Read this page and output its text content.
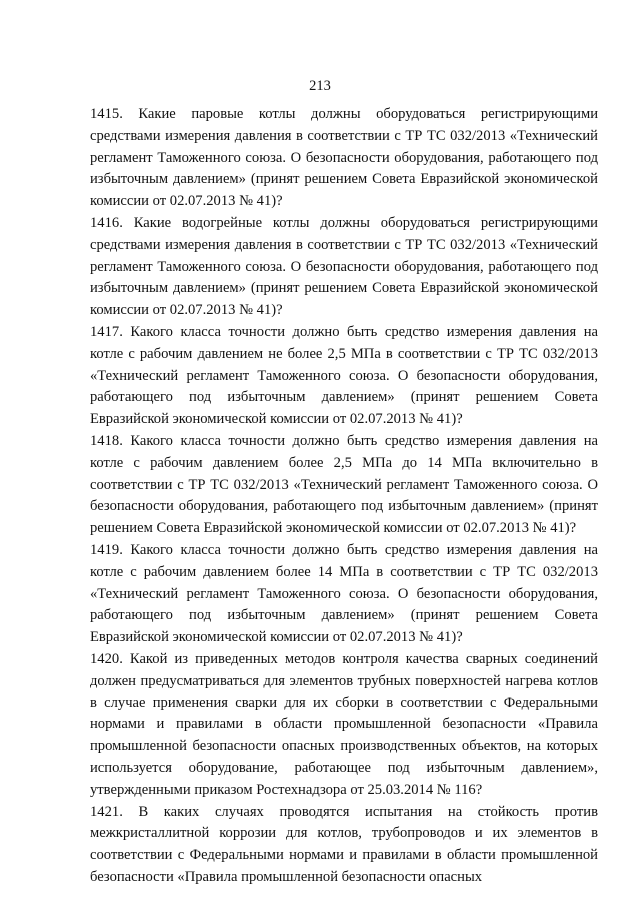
213

1415. Какие паровые котлы должны оборудоваться регистрирующими средствами измерения давления в соответствии с ТР ТС 032/2013 «Технический регламент Таможенного союза. О безопасности оборудования, работающего под избыточным давлением» (принят решением Совета Евразийской экономической комиссии от 02.07.2013 № 41)?

1416. Какие водогрейные котлы должны оборудоваться регистрирующими средствами измерения давления в соответствии с ТР ТС 032/2013 «Технический регламент Таможенного союза. О безопасности оборудования, работающего под избыточным давлением» (принят решением Совета Евразийской экономической комиссии от 02.07.2013 № 41)?

1417. Какого класса точности должно быть средство измерения давления на котле с рабочим давлением не более 2,5 МПа в соответствии с ТР ТС 032/2013 «Технический регламент Таможенного союза. О безопасности оборудования, работающего под избыточным давлением» (принят решением Совета Евразийской экономической комиссии от 02.07.2013 № 41)?

1418. Какого класса точности должно быть средство измерения давления на котле с рабочим давлением более 2,5 МПа до 14 МПа включительно в соответствии с ТР ТС 032/2013 «Технический регламент Таможенного союза. О безопасности оборудования, работающего под избыточным давлением» (принят решением Совета Евразийской экономической комиссии от 02.07.2013 № 41)?

1419. Какого класса точности должно быть средство измерения давления на котле с рабочим давлением более 14 МПа в соответствии с ТР ТС 032/2013 «Технический регламент Таможенного союза. О безопасности оборудования, работающего под избыточным давлением» (принят решением Совета Евразийской экономической комиссии от 02.07.2013 № 41)?

1420. Какой из приведенных методов контроля качества сварных соединений должен предусматриваться для элементов трубных поверхностей нагрева котлов в случае применения сварки для их сборки в соответствии с Федеральными нормами и правилами в области промышленной безопасности «Правила промышленной безопасности опасных производственных объектов, на которых используется оборудование, работающее под избыточным давлением», утвержденными приказом Ростехнадзора от 25.03.2014 № 116?

1421. В каких случаях проводятся испытания на стойкость против межкристаллитной коррозии для котлов, трубопроводов и их элементов в соответствии с Федеральными нормами и правилами в области промышленной безопасности «Правила промышленной безопасности опасных
